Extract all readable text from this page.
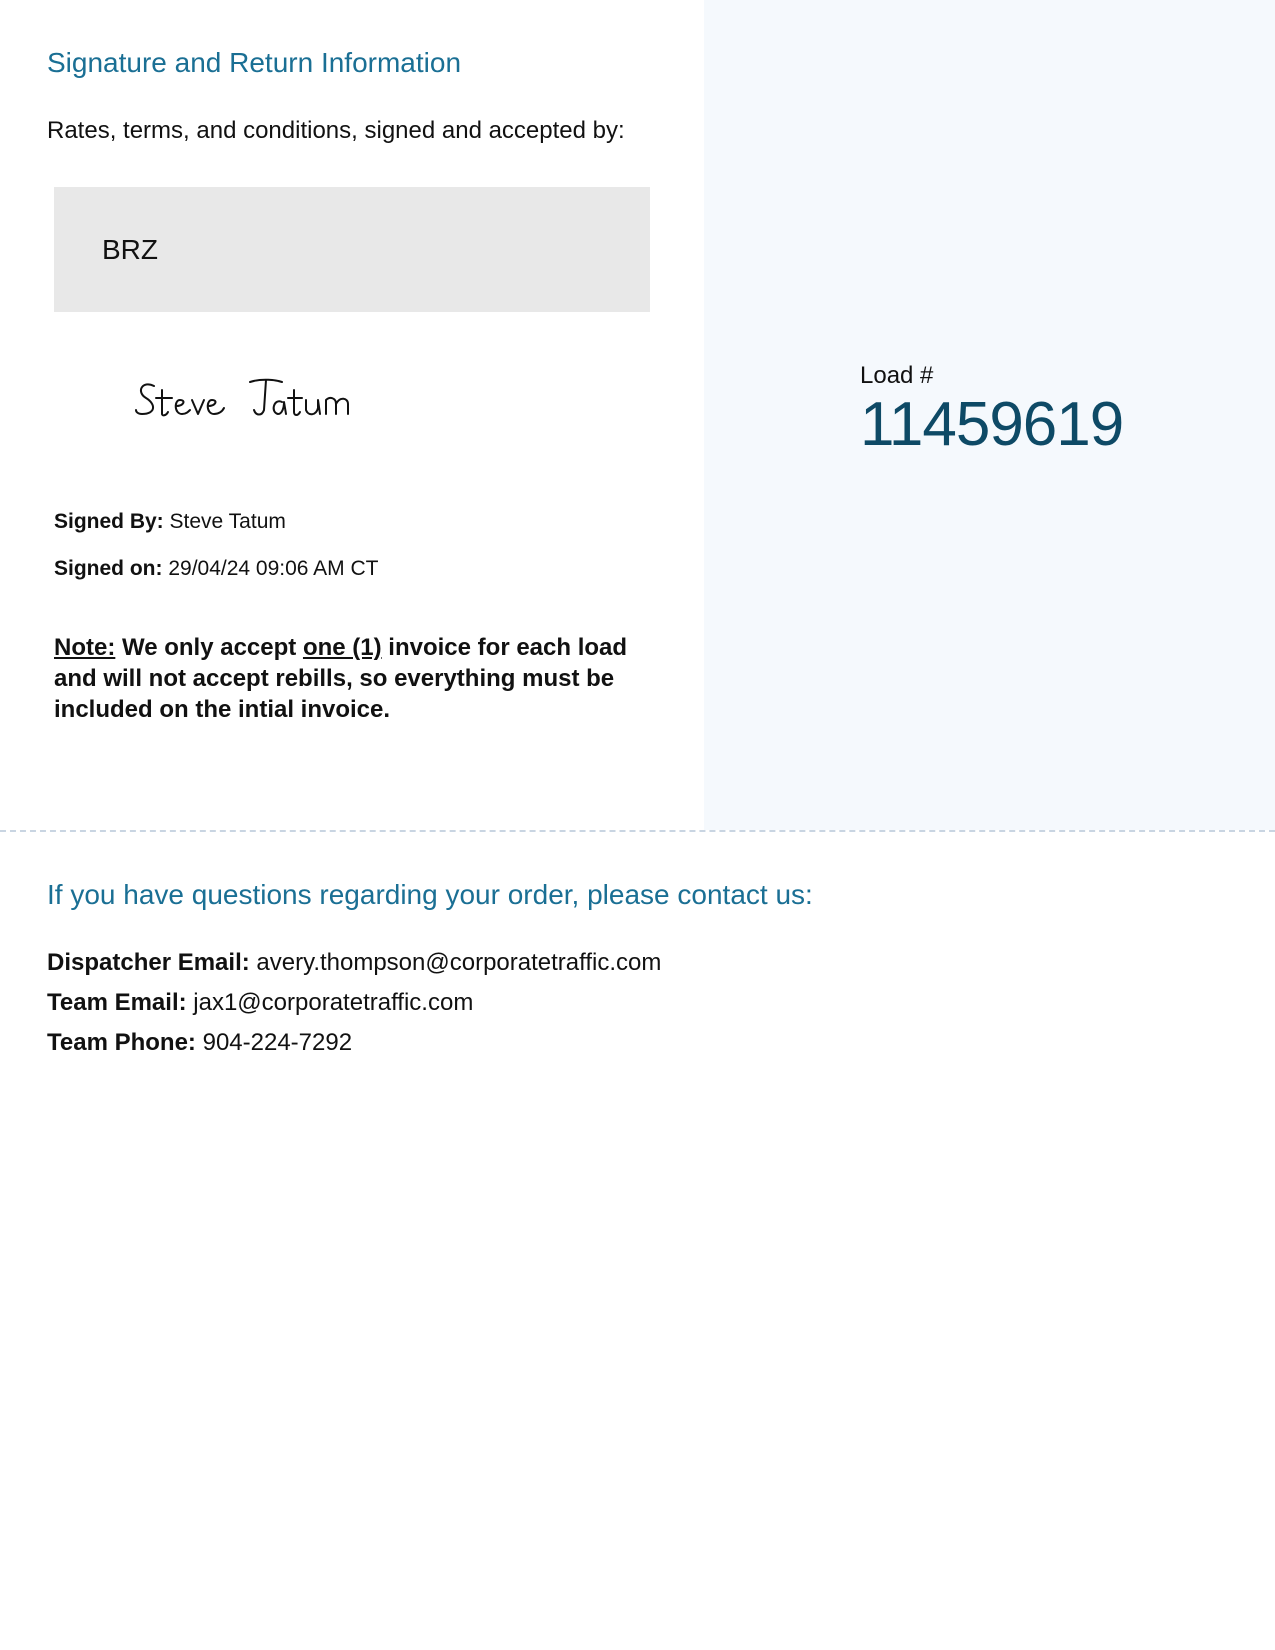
Load #
11459619
Signature and Return Information
Rates, terms, and conditions, signed and accepted by:
BRZ
Signed By: Steve Tatum
Signed on: 29/04/24 09:06 AM CT
Note: We only accept one (1) invoice for each load and will not accept rebills, so everything must be included on the intial invoice.
If you have questions regarding your order, please contact us:
Dispatcher Email: avery.thompson@corporatetraffic.com
Team Email: jax1@corporatetraffic.com
Team Phone: 904-224-7292
